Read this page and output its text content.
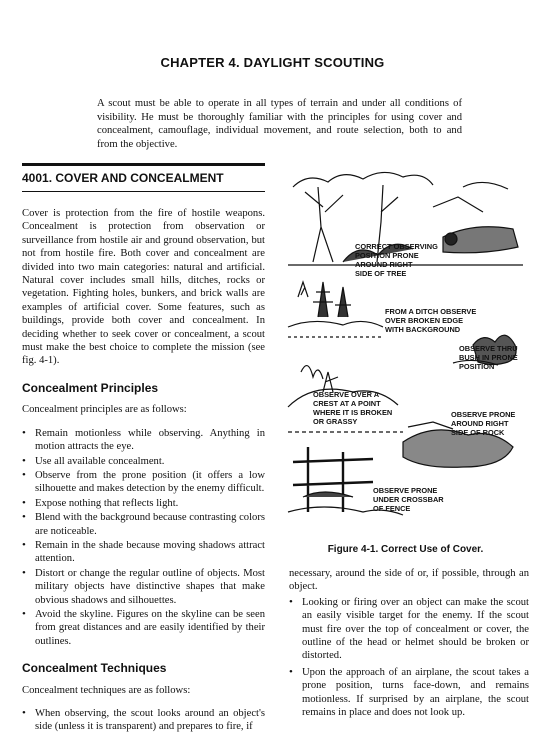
CHAPTER 4. DAYLIGHT SCOUTING
A scout must be able to operate in all types of terrain and under all conditions of visibility. He must be thoroughly familiar with the principles for using cover and concealment, camouflage, individual movement, and route selection, both to and from the objective.
4001. COVER AND CONCEALMENT

Cover is protection from the fire of hostile weapons. Concealment is protection from observation or surveillance from hostile air and ground observation, but not from hostile fire. Both cover and concealment are divided into two main categories: natural and artificial. Natural cover includes small hills, ditches, rocks or vegetation. Fighting holes, bunkers, and brick walls are examples of artificial cover. Some features, such as buildings, provide both cover and concealment. In deciding whether to seek cover or concealment, a scout must make the best choice to complete the mission (see fig. 4-1).

Concealment Principles

Concealment principles are as follows:

• Remain motionless while observing. Anything in motion attracts the eye.
• Use all available concealment.
• Observe from the prone position (it offers a low silhouette and makes detection by the enemy difficult.
• Expose nothing that reflects light.
• Blend with the background because contrasting colors are noticeable.
• Remain in the shade because moving shadows attract attention.
• Distort or change the regular outline of objects. Most military objects have distinctive shapes that make obvious shadows and silhouettes.
• Avoid the skyline. Figures on the skyline can be seen from great distances and are easily identified by their outlines.
Concealment Techniques

Concealment techniques are as follows:

• When observing, the scout looks around an object's side (unless it is transparent) and prepares to fire, if
CORRECT OBSERVING
POSITION PRONE
AROUND RIGHT
SIDE OF TREE
FROM A DITCH OBSERVE
OVER BROKEN EDGE
WITH BACKGROUND
OBSERVE THRU
BUSH IN PRONE
POSITION
OBSERVE OVER A
CREST AT A POINT
WHERE IT IS BROKEN
OR GRASSY
OBSERVE PRONE
AROUND RIGHT
SIDE OF ROCK
OBSERVE PRONE
UNDER CROSSBAR
OF FENCE
Figure 4-1. Correct Use of Cover.

necessary, around the side of or, if possible, through an object.

• Looking or firing over an object can make the scout an easily visible target for the enemy. If the scout must fire over the top of concealment or cover, the outline of the head or helmet should be broken or distorted.
• Upon the approach of an airplane, the scout takes a prone position, turns face-down, and remains motionless. If surprised by an airplane, the scout remains in place and does not look up.
